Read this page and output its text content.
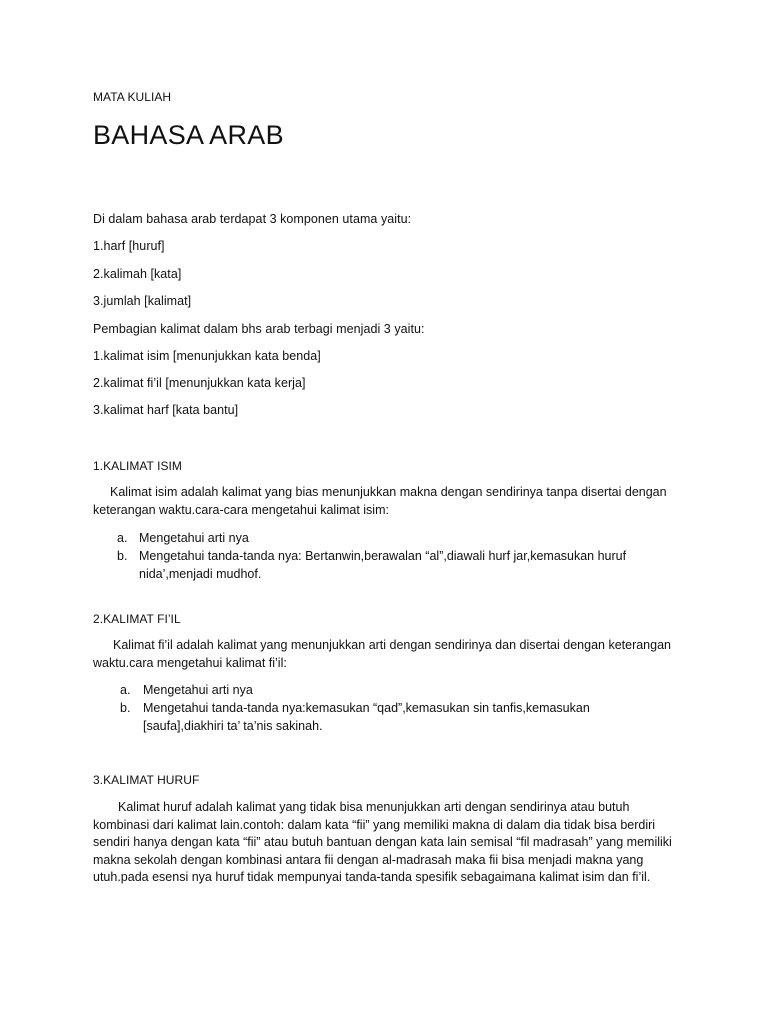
MATA KULIAH
BAHASA ARAB
Di dalam bahasa arab terdapat 3 komponen utama yaitu:
1.harf [huruf]
2.kalimah [kata]
3.jumlah [kalimat]
Pembagian kalimat dalam bhs arab terbagi menjadi 3 yaitu:
1.kalimat isim [menunjukkan kata benda]
2.kalimat fi’il [menunjukkan kata kerja]
3.kalimat harf [kata bantu]
1.KALIMAT ISIM
Kalimat isim adalah kalimat yang bias menunjukkan makna dengan sendirinya tanpa disertai dengan keterangan waktu.cara-cara mengetahui kalimat isim:
a. Mengetahui arti nya
b. Mengetahui tanda-tanda nya: Bertanwin,berawalan “al”,diawali hurf jar,kemasukan huruf nida’,menjadi mudhof.
2.KALIMAT FI’IL
Kalimat fi’il adalah kalimat yang menunjukkan arti dengan sendirinya dan disertai dengan keterangan waktu.cara mengetahui kalimat fi’il:
a. Mengetahui arti nya
b. Mengetahui tanda-tanda nya:kemasukan “qad”,kemasukan sin tanfis,kemasukan [saufa],diakhiri ta’ ta’nis sakinah.
3.KALIMAT HURUF
Kalimat huruf adalah kalimat yang tidak bisa menunjukkan arti dengan sendirinya atau butuh kombinasi dari kalimat lain.contoh: dalam kata “fii” yang memiliki makna di dalam dia tidak bisa berdiri sendiri hanya dengan kata “fii” atau butuh bantuan dengan kata lain semisal “fil madrasah” yang memiliki makna sekolah dengan kombinasi antara fii dengan al-madrasah maka fii bisa menjadi makna yang utuh.pada esensi nya huruf tidak mempunyai tanda-tanda spesifik sebagaimana kalimat isim dan fi’il.
